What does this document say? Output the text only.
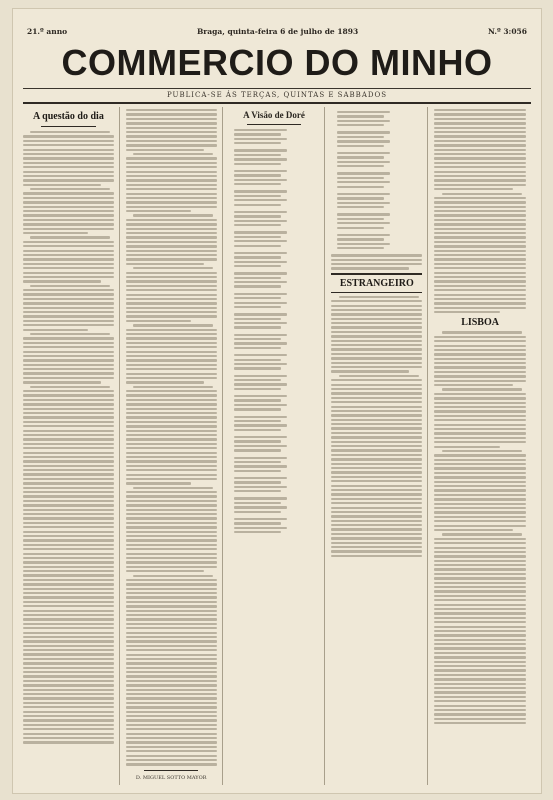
21.º anno	Braga, quinta-feira 6 de julho de 1893	N.º 3:056
COMMERCIO DO MINHO
PUBLICA-SE ÁS TERÇAS, QUINTAS E SABBADOS
A questão do dia
D. MIGUEL SOTTO MAYOR
A Visão de Doré
ESTRANGEIRO
LISBOA
